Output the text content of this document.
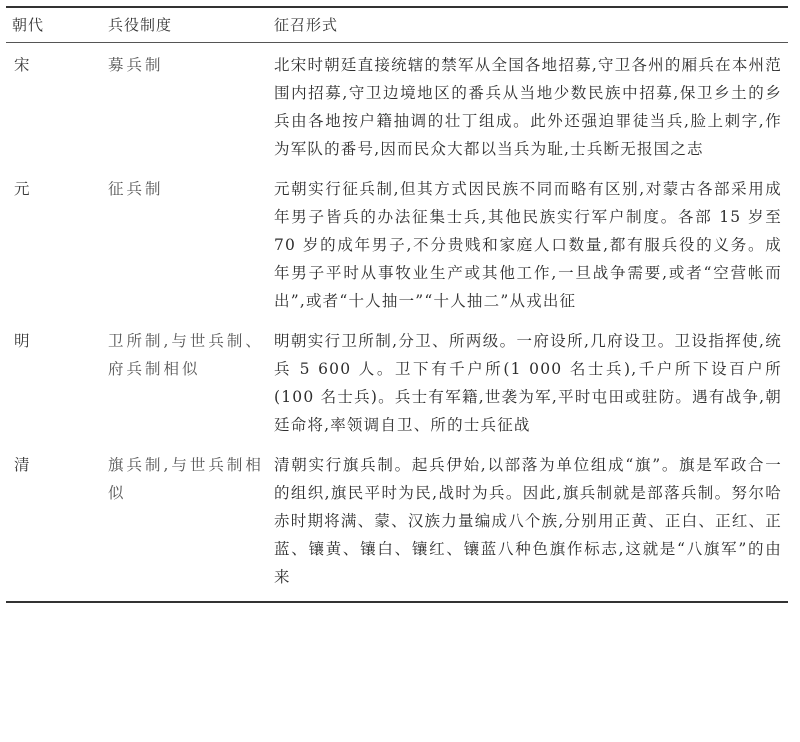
朝代	兵役制度	征召形式
宋	募兵制	北宋时朝廷直接统辖的禁军从全国各地招募,守卫各州的厢兵在本州范围内招募,守卫边境地区的番兵从当地少数民族中招募,保卫乡土的乡兵由各地按户籍抽调的壮丁组成。此外还强迫罪徒当兵,脸上刺字,作为军队的番号,因而民众大都以当兵为耻,士兵断无报国之志
元	征兵制	元朝实行征兵制,但其方式因民族不同而略有区别,对蒙古各部采用成年男子皆兵的办法征集士兵,其他民族实行军户制度。各部 15 岁至 70 岁的成年男子,不分贵贱和家庭人口数量,都有服兵役的义务。成年男子平时从事牧业生产或其他工作,一旦战争需要,或者“空营帐而出”,或者“十人抽一”“十人抽二”从戎出征
明	卫所制,与世兵制、府兵制相似	明朝实行卫所制,分卫、所两级。一府设所,几府设卫。卫设指挥使,统兵 5 600 人。卫下有千户所(1 000 名士兵),千户所下设百户所(100 名士兵)。兵士有军籍,世袭为军,平时屯田或驻防。遇有战争,朝廷命将,率领调自卫、所的士兵征战
清	旗兵制,与世兵制相似	清朝实行旗兵制。起兵伊始,以部落为单位组成“旗”。旗是军政合一的组织,旗民平时为民,战时为兵。因此,旗兵制就是部落兵制。努尔哈赤时期将满、蒙、汉族力量编成八个族,分别用正黄、正白、正红、正蓝、镶黄、镶白、镶红、镶蓝八种色旗作标志,这就是“八旗军”的由来
